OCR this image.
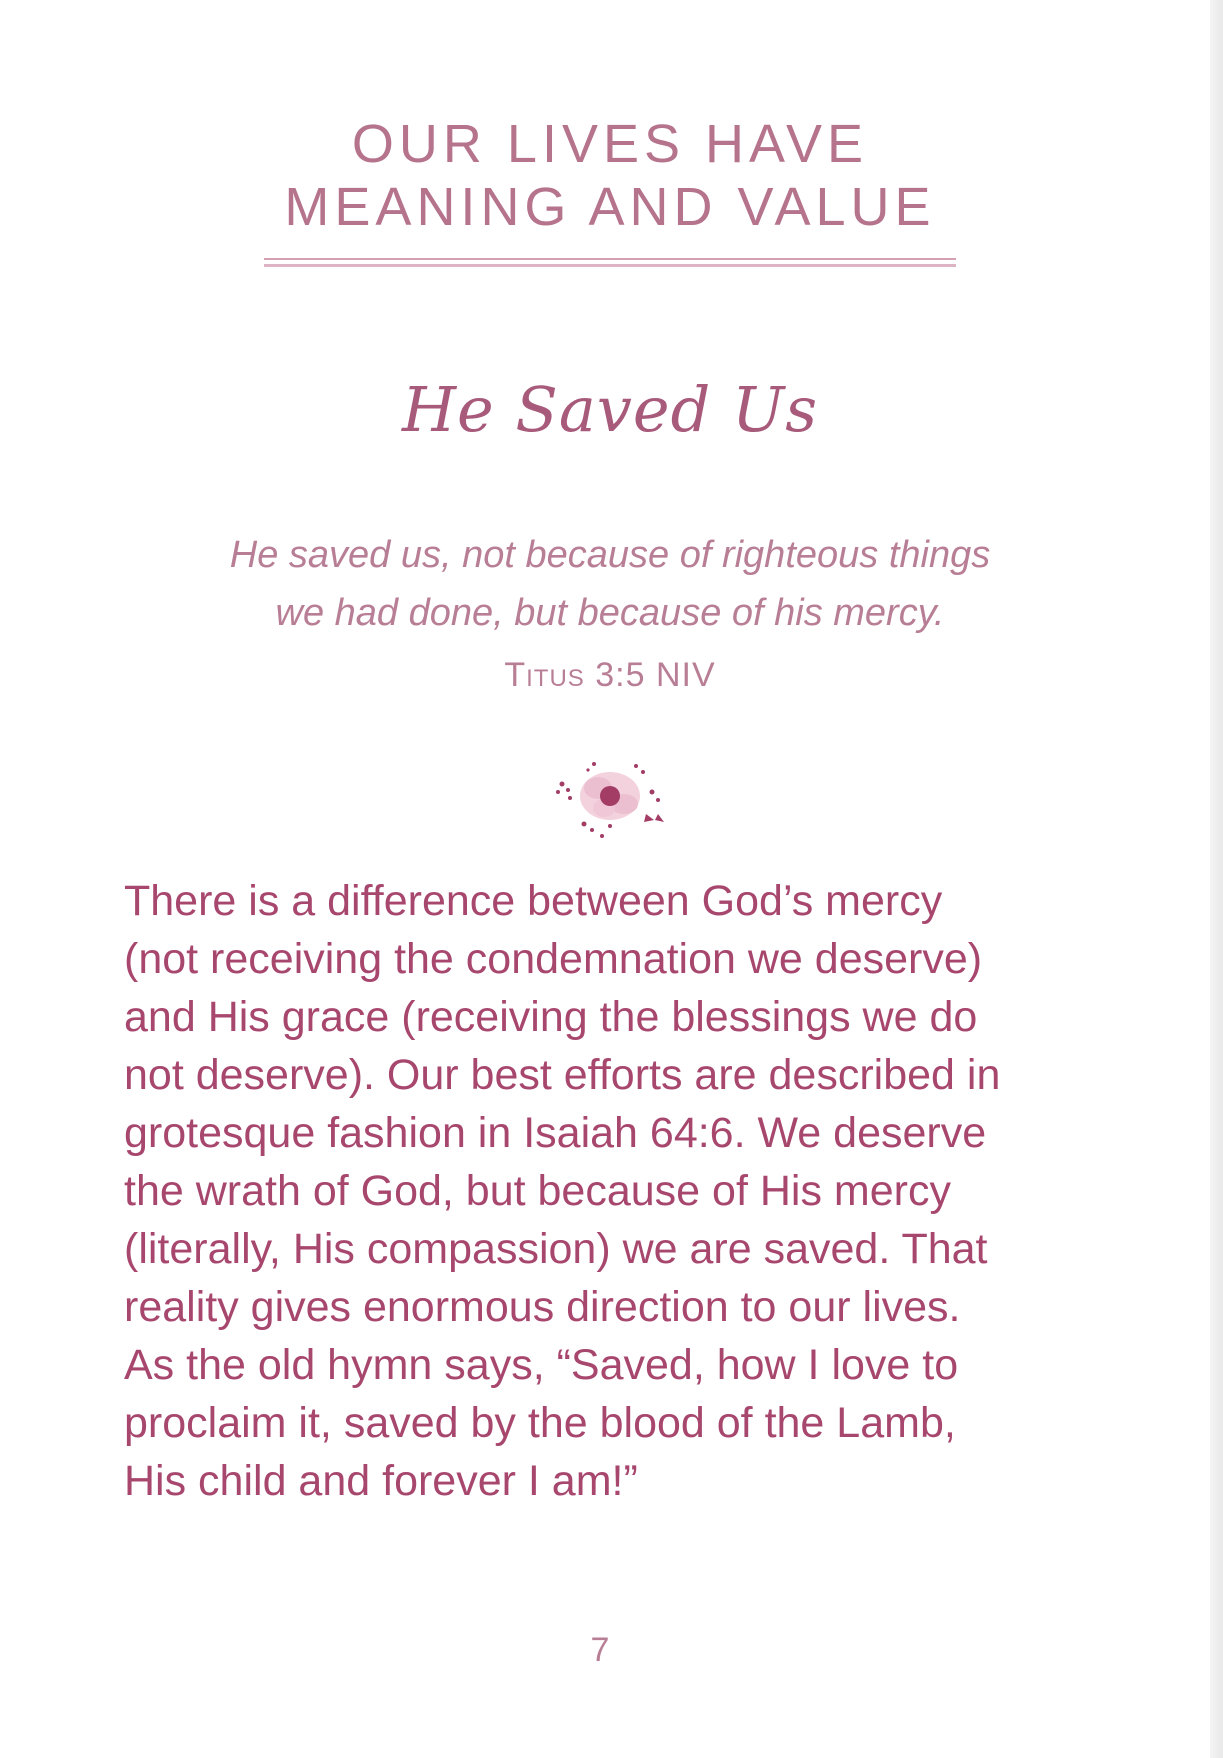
OUR LIVES HAVE
MEANING AND VALUE
He Saved Us
He saved us, not because of righteous things
we had done, but because of his mercy.
Titus 3:5 NIV
There is a difference between God’s mercy
(not receiving the condemnation we deserve)
and His grace (receiving the blessings we do
not deserve). Our best efforts are described in
grotesque fashion in Isaiah 64:6. We deserve
the wrath of God, but because of His mercy
(literally, His compassion) we are saved. That
reality gives enormous direction to our lives.
As the old hymn says, “Saved, how I love to
proclaim it, saved by the blood of the Lamb,
His child and forever I am!”
7
